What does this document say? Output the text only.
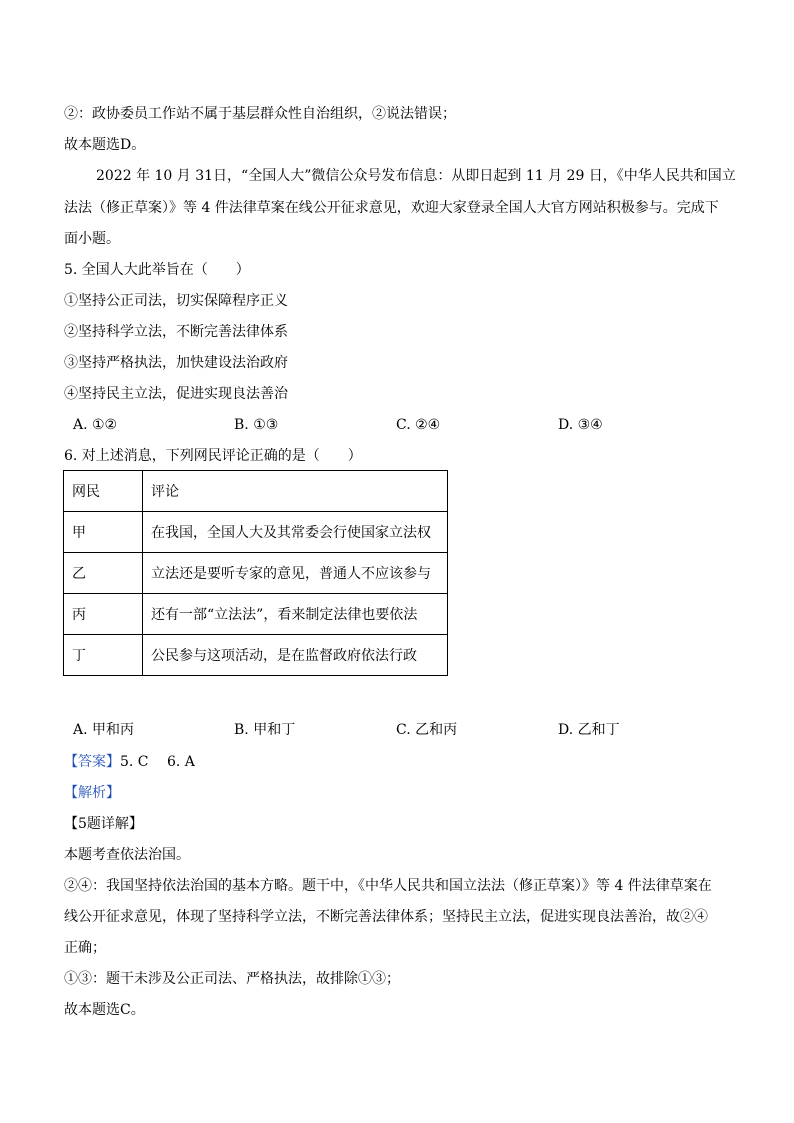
②：政协委员工作站不属于基层群众性自治组织，②说法错误；
故本题选D。
2022 年 10 月 31日，“全国人大”微信公众号发布信息：从即日起到 11 月 29 日，《中华人民共和国立
法法（修正草案）》等 4 件法律草案在线公开征求意见，欢迎大家登录全国人大官方网站积极参与。完成下
面小题。
5. 全国人大此举旨在（　　）
①坚持公正司法，切实保障程序正义
②坚持科学立法，不断完善法律体系
③坚持严格执法，加快建设法治政府
④坚持民主立法，促进实现良法善治
A. ①②	B. ①③	C. ②④	D. ③④
6. 对上述消息，下列网民评论正确的是（　　）
网民	评论
甲	在我国，全国人大及其常委会行使国家立法权
乙	立法还是要听专家的意见，普通人不应该参与
丙	还有一部“立法法”，看来制定法律也要依法
丁	公民参与这项活动，是在监督政府依法行政
A. 甲和丙	B. 甲和丁	C. 乙和丙	D. 乙和丁
【答案】5. C　 6. A
【解析】
【5题详解】
本题考查依法治国。
②④：我国坚持依法治国的基本方略。题干中，《中华人民共和国立法法（修正草案）》等 4 件法律草案在
线公开征求意见，体现了坚持科学立法，不断完善法律体系；坚持民主立法，促进实现良法善治，故②④
正确；
①③：题干未涉及公正司法、严格执法，故排除①③；
故本题选C。
